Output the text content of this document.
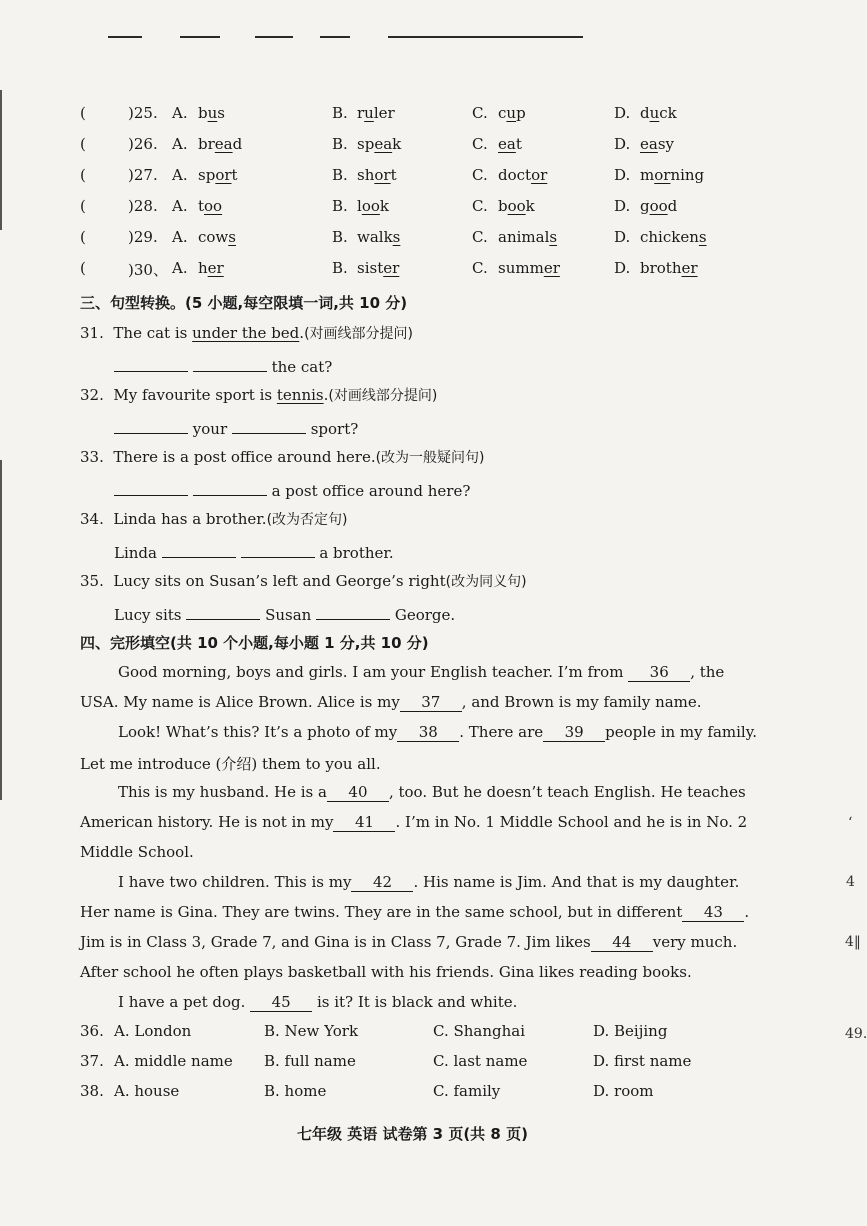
(	)25. A. bus	B. ruler	C. cup	D. duck
(	)26. A. bread	B. speak	C. eat	D. easy
(	)27. A. sport	B. short	C. doctor	D. morning
(	)28. A. too	B. look	C. book	D. good
(	)29. A. cows	B. walks	C. animals	D. chickens
(	)30、 A. her	B. sister	C. summer	D. brother
三、句型转换。(5 小题,每空限填一词,共 10 分)
31. The cat is under the bed.(对画线部分提问)
the cat?
32. My favourite sport is tennis.(对画线部分提问)
your	sport?
33. There is a post office around here.(改为一般疑问句)
a post office around here?
34. Linda has a brother.(改为否定句)
Linda	a brother.
35. Lucy sits on Susan’s left and George’s right(改为同义句)
Lucy sits	Susan	George.
四、完形填空(共 10 个小题,每小题 1 分,共 10 分)
Good morning, boys and girls. I am your English teacher. I’m from 36 , the
USA. My name is Alice Brown. Alice is my 37 , and Brown is my family name.
Look! What’s this? It’s a photo of my 38 . There are 39 people in my family.
Let me introduce (介绍) them to you all.
This is my husband. He is a 40 , too. But he doesn’t teach English. He teaches
American history. He is not in my 41 . I’m in No. 1 Middle School and he is in No. 2
Middle School.
I have two children. This is my 42 . His name is Jim. And that is my daughter.
Her name is Gina. They are twins. They are in the same school, but in different 43 .
Jim is in Class 3, Grade 7, and Gina is in Class 7, Grade 7. Jim likes 44 very much.
After school he often plays basketball with his friends. Gina likes reading books.
I have a pet dog. 45 is it? It is black and white.
36. A. London	B. New York	C. Shanghai	D. Beijing
37. A. middle name B. full name	C. last name	D. first name
38. A. house	B. home	C. family	D. room
七年级 英语 试卷第 3 页(共 8 页)
‘
4
4‖
49.
